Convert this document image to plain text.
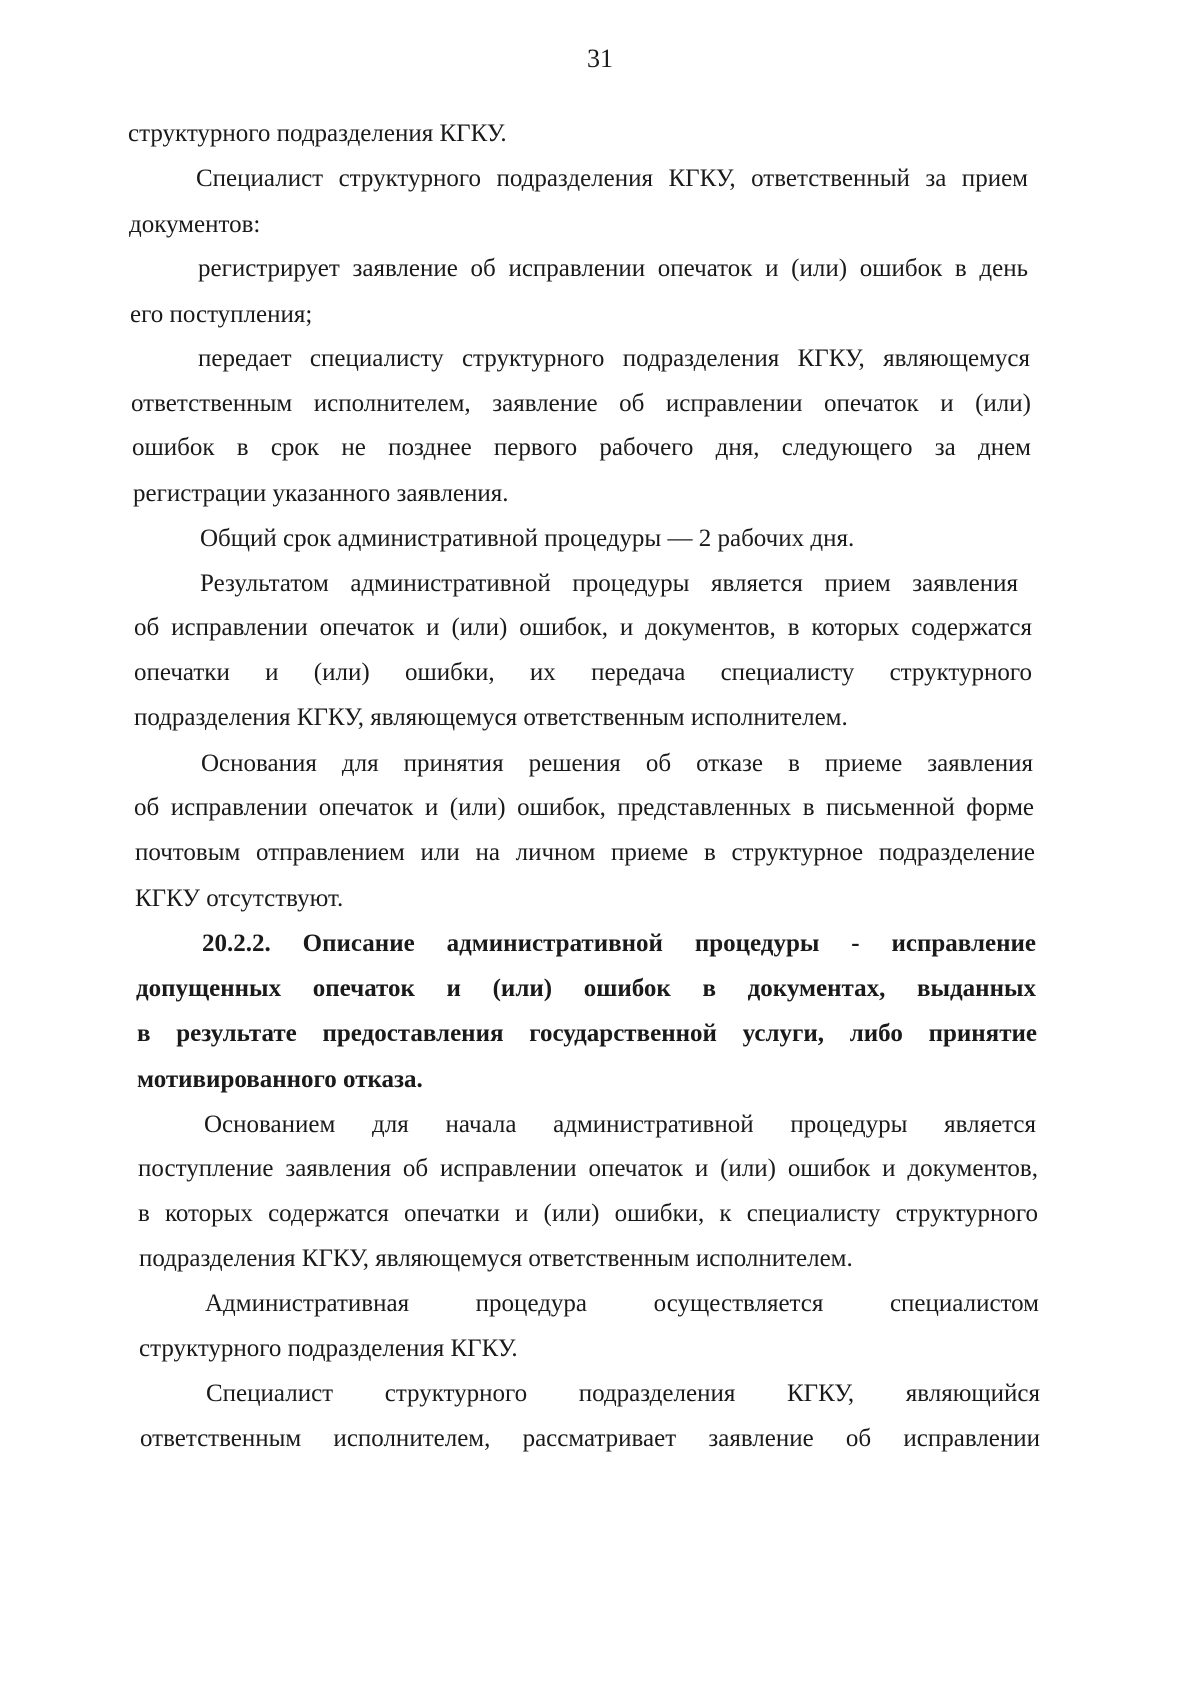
31
структурного подразделения КГКУ.
Специалист структурного подразделения КГКУ, ответственный за прием
документов:
регистрирует заявление об исправлении опечаток и (или) ошибок в день
его поступления;
передает специалисту структурного подразделения КГКУ, являющемуся
ответственным исполнителем, заявление об исправлении опечаток и (или)
ошибок в срок не позднее первого рабочего дня, следующего за днем
регистрации указанного заявления.
Общий срок административной процедуры — 2 рабочих дня.
Результатом административной процедуры является прием заявления
об исправлении опечаток и (или) ошибок, и документов, в которых содержатся
опечатки и (или) ошибки, их передача специалисту структурного
подразделения КГКУ, являющемуся ответственным исполнителем.
Основания для принятия решения об отказе в приеме заявления
об исправлении опечаток и (или) ошибок, представленных в письменной форме
почтовым отправлением или на личном приеме в структурное подразделение
КГКУ отсутствуют.
20.2.2. Описание административной процедуры - исправление
допущенных опечаток и (или) ошибок в документах, выданных
в результате предоставления государственной услуги, либо принятие
мотивированного отказа.
Основанием для начала административной процедуры является
поступление заявления об исправлении опечаток и (или) ошибок и документов,
в которых содержатся опечатки и (или) ошибки, к специалисту структурного
подразделения КГКУ, являющемуся ответственным исполнителем.
Административная процедура осуществляется специалистом
структурного подразделения КГКУ.
Специалист структурного подразделения КГКУ, являющийся
ответственным исполнителем, рассматривает заявление об исправлении
